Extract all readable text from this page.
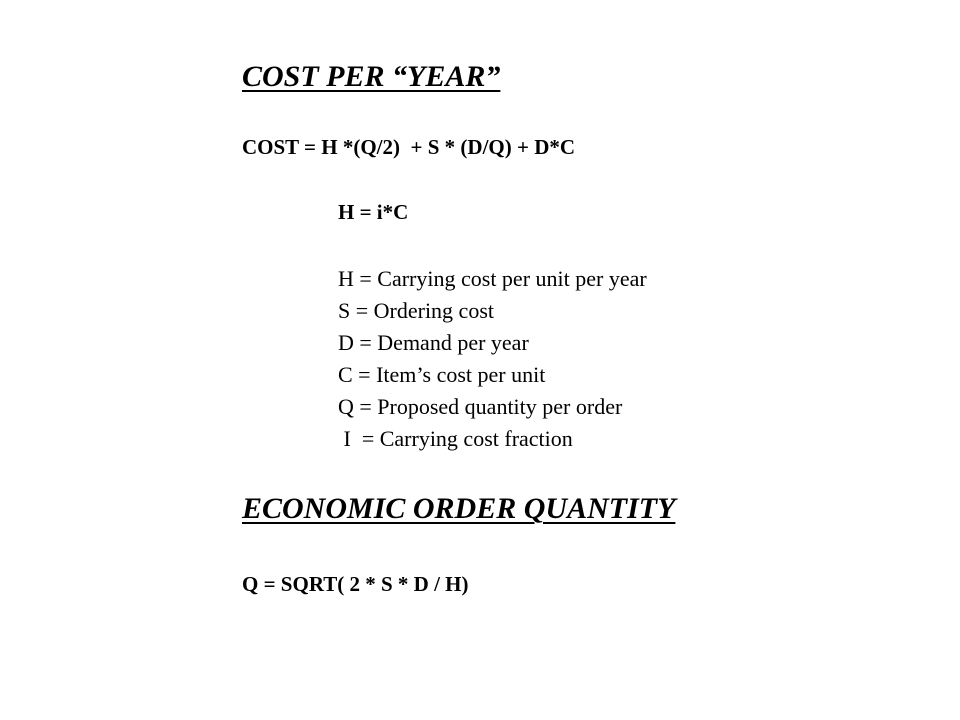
COST PER “YEAR”
COST = H *(Q/2)  + S * (D/Q) + D*C
H = i*C
H = Carrying cost per unit per year
S = Ordering cost
D = Demand per year
C = Item’s cost per unit
Q = Proposed quantity per order
I  = Carrying cost fraction
ECONOMIC ORDER QUANTITY
Q = SQRT( 2 * S * D / H)
